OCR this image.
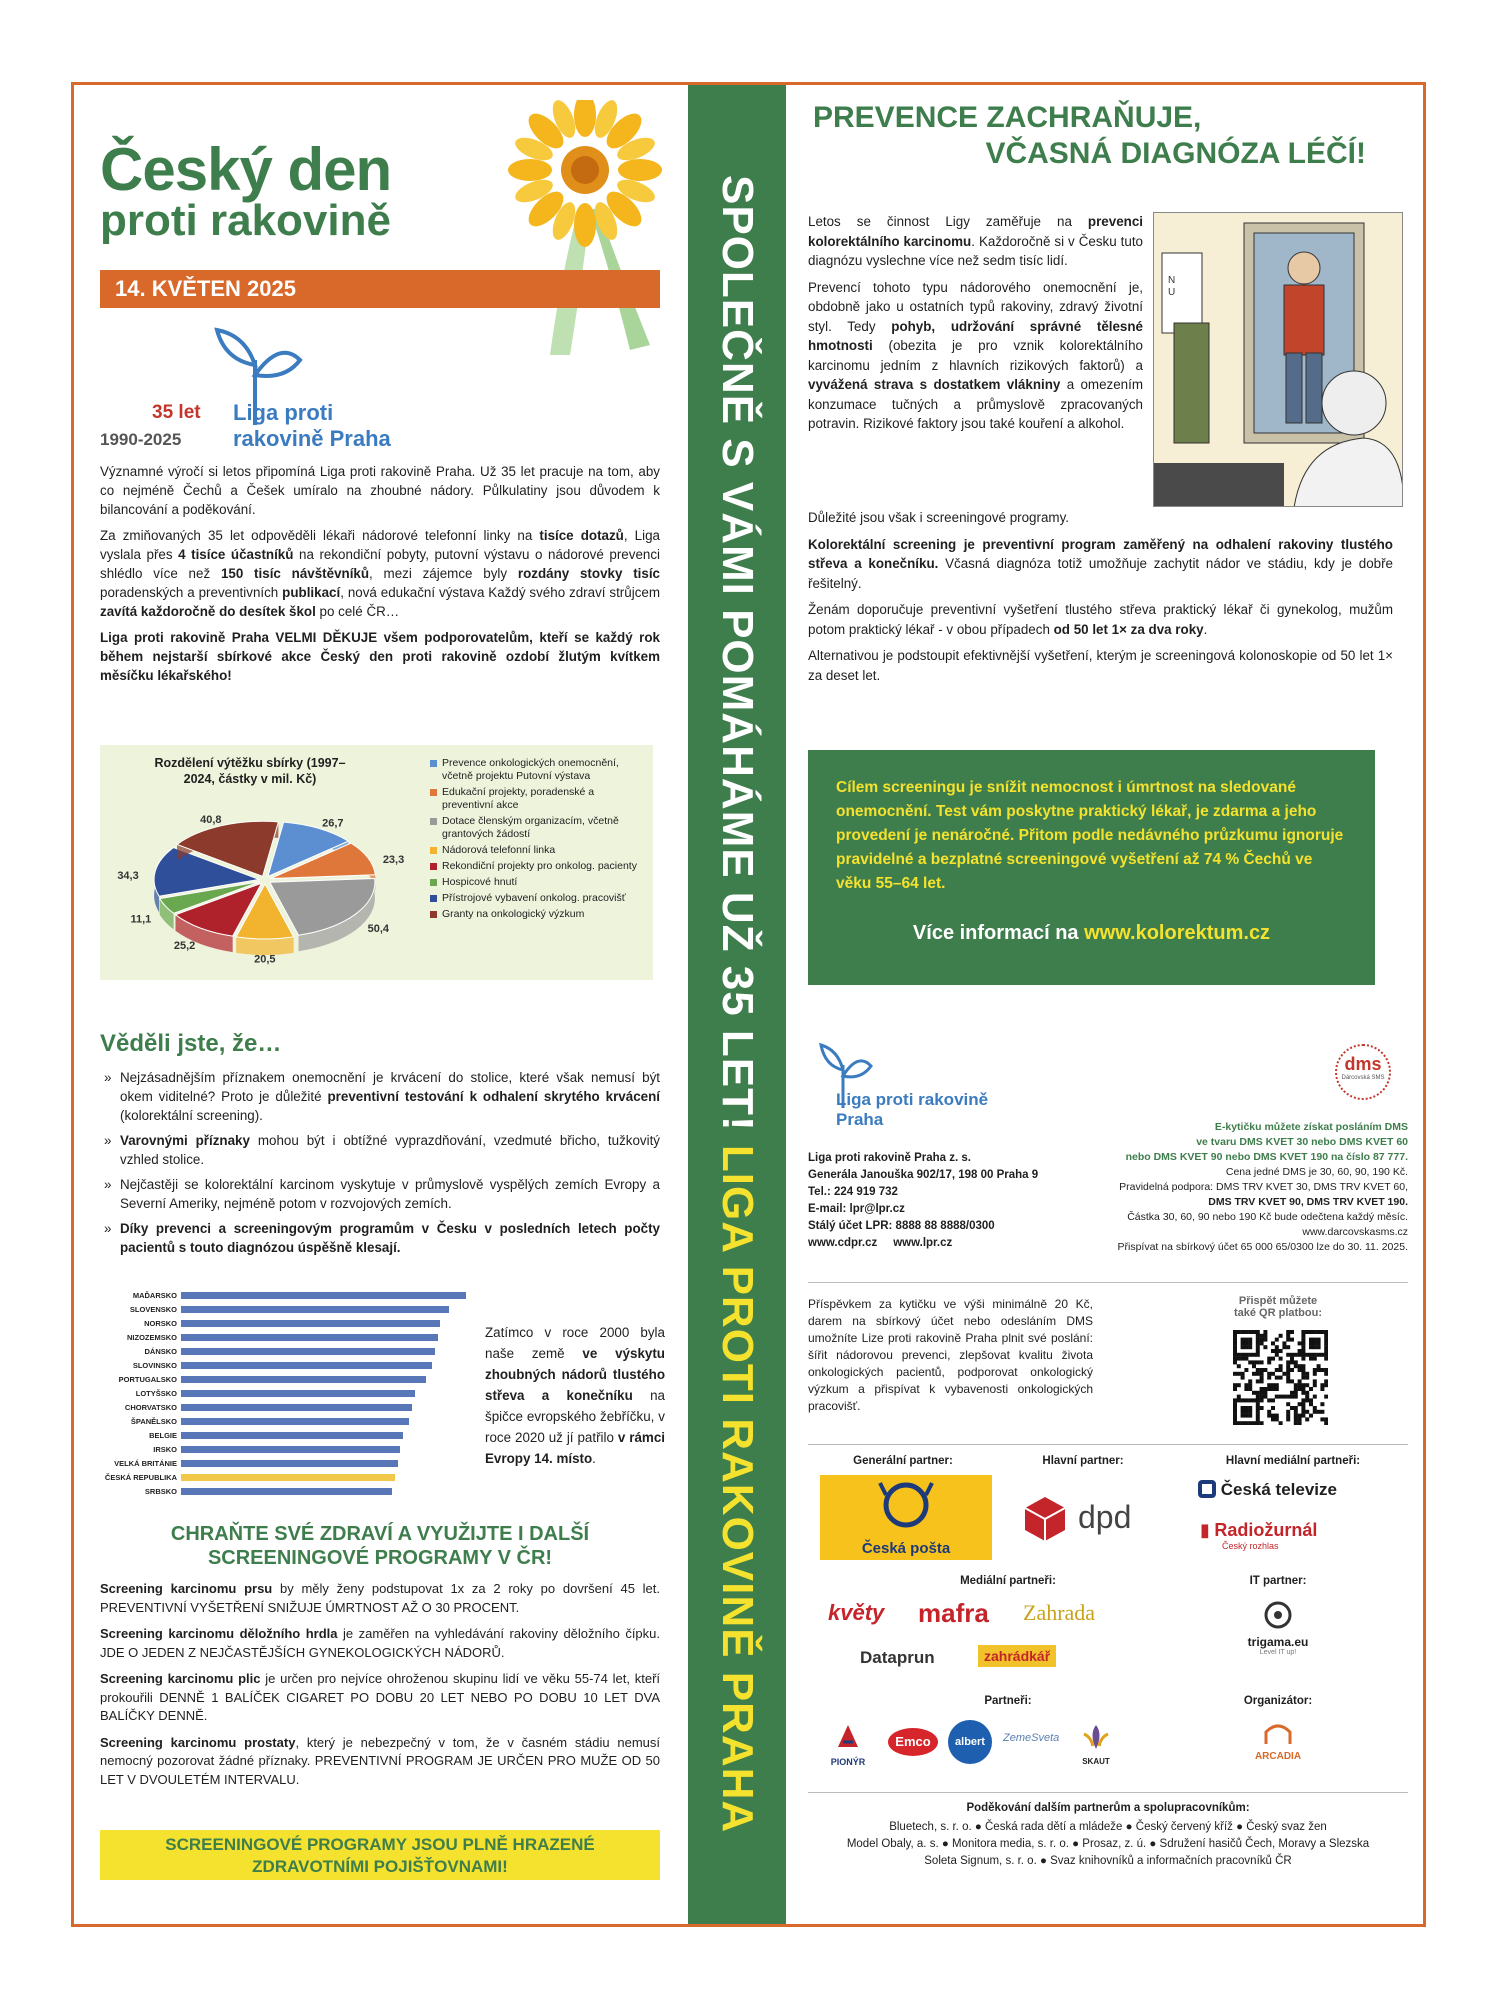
Český den
proti rakovině
14. KVĚTEN 2025
35 let
1990-2025
Liga proti
rakovině Praha

Významné výročí si letos připomíná Liga proti rakovině Praha. Už 35 let pracuje na tom, aby co nejméně Čechů a Češek umíralo na zhoubné nádory. Půlkulatiny jsou důvodem k bilancování a poděkování.

Za zmiňovaných 35 let odpověděli lékaři nádorové telefonní linky na tisíce dotazů, Liga vyslala přes 4 tisíce účastníků na rekondiční pobyty, putovní výstavu o nádorové prevenci shlédlo více než 150 tisíc návštěvníků, mezi zájemce byly rozdány stovky tisíc poradenských a preventivních publikací, nová edukační výstava Každý svého zdraví strůjcem zavítá každoročně do desítek škol po celé ČR…

Liga proti rakovině Praha VELMI DĚKUJE všem podporovatelům, kteří se každý rok během nejstarší sbírkové akce Český den proti rakovině ozdobí žlutým kvítkem měsíčku lékařského!

Rozdělení výtěžku sbírky (1997–2024, částky v mil. Kč)
26,7
23,3
50,4
20,5
25,2
11,1
34,3
40,8
Prevence onkologických onemocnění, včetně projektu Putovní výstava
Edukační projekty, poradenské a preventivní akce
Dotace členským organizacím, včetně grantových žádostí
Nádorová telefonní linka
Rekondiční projekty pro onkolog. pacienty
Hospicové hnutí
Přístrojové vybavení onkolog. pracovišť
Granty na onkologický výzkum
Věděli jste, že…
» Nejzásadnějším příznakem onemocnění je krvácení do stolice, které však nemusí být okem viditelné? Proto je důležité preventivní testování k odhalení skrytého krvácení (kolorektální screening).
» Varovnými příznaky mohou být i obtížné vyprazdňování, vzedmuté břicho, tužkovitý vzhled stolice.
» Nejčastěji se kolorektální karcinom vyskytuje v průmyslově vyspělých zemích Evropy a Severní Ameriky, nejméně potom v rozvojových zemích.
» Díky prevenci a screeningovým programům v Česku v posledních letech počty pacientů s touto diagnózou úspěšně klesají.
MAĎARSKO
SLOVENSKO
NORSKO
NIZOZEMSKO
DÁNSKO
SLOVINSKO
PORTUGALSKO
LOTYŠSKO
CHORVATSKO
ŠPANĚLSKO
BELGIE
IRSKO
VELKÁ BRITÁNIE
ČESKÁ REPUBLIKA
SRBSKO
Zatímco v roce 2000 byla naše země ve výskytu zhoubných nádorů tlustého střeva a konečníku na špičce evropského žebříčku, v roce 2020 už jí patřilo v rámci Evropy 14. místo.
CHRAŇTE SVÉ ZDRAVÍ A VYUŽIJTE I DALŠÍ
SCREENINGOVÉ PROGRAMY V ČR!

Screening karcinomu prsu by měly ženy podstupovat 1x za 2 roky po dovršení 45 let. PREVENTIVNÍ VYŠETŘENÍ SNIŽUJE ÚMRTNOST AŽ O 30 PROCENT.

Screening karcinomu děložního hrdla je zaměřen na vyhledávání rakoviny děložního čípku. JDE O JEDEN Z NEJČASTĚJŠÍCH GYNEKOLOGICKÝCH NÁDORŮ.

Screening karcinomu plic je určen pro nejvíce ohroženou skupinu lidí ve věku 55-74 let, kteří prokouřili DENNĚ 1 BALÍČEK CIGARET PO DOBU 20 LET NEBO PO DOBU 10 LET DVA BALÍČKY DENNĚ.

Screening karcinomu prostaty, který je nebezpečný v tom, že v časném stádiu nemusí nemocný pozorovat žádné příznaky. PREVENTIVNÍ PROGRAM JE URČEN PRO MUŽE OD 50 LET V DVOULETÉM INTERVALU.

SCREENINGOVÉ PROGRAMY JSOU PLNĚ HRAZENÉ
ZDRAVOTNÍMI POJIŠŤOVNAMI!
SPOLEČNĚ S VÁMI POMÁHÁME UŽ 35 LET! LIGA PROTI RAKOVINĚ PRAHA
PREVENCE ZACHRAŇUJE,
VČASNÁ DIAGNÓZA LÉČÍ!

Letos se činnost Ligy zaměřuje na prevenci kolorektálního karcinomu. Každoročně si v Česku tuto diagnózu vyslechne více než sedm tisíc lidí.

Prevencí tohoto typu nádorového onemocnění je, obdobně jako u ostatních typů rakoviny, zdravý životní styl. Tedy pohyb, udržování správné tělesné hmotnosti (obezita je pro vznik kolorektálního karcinomu jedním z hlavních rizikových faktorů) a vyvážená strava s dostatkem vlákniny a omezením konzumace tučných a průmyslově zpracovaných potravin. Rizikové faktory jsou také kouření a alkohol.

N
U

Důležité jsou však i screeningové programy.

Kolorektální screening je preventivní program zaměřený na odhalení rakoviny tlustého střeva a konečníku. Včasná diagnóza totiž umožňuje zachytit nádor ve stádiu, kdy je dobře řešitelný.

Ženám doporučuje preventivní vyšetření tlustého střeva praktický lékař či gynekolog, mužům potom praktický lékař - v obou případech od 50 let 1× za dva roky.

Alternativou je podstoupit efektivnější vyšetření, kterým je screeningová kolonoskopie od 50 let 1× za deset let.

Cílem screeningu je snížit nemocnost i úmrtnost na sledované onemocnění. Test vám poskytne praktický lékař, je zdarma a jeho provedení je nenáročné. Přitom podle nedávného průzkumu ignoruje pravidelné a bezplatné screeningové vyšetření až 74 % Čechů ve věku 55–64 let.
Více informací na www.kolorektum.cz
Liga proti rakovině
Praha
Liga proti rakovině Praha z. s.
Generála Janouška 902/17, 198 00 Praha 9
Tel.: 224 919 732
E-mail: lpr@lpr.cz
Stálý účet LPR: 8888 88 8888/0300
www.cdpr.cz www.lpr.cz
dms
Dárcovská SMS
E-kytičku můžete získat posláním DMS
ve tvaru DMS KVET 30 nebo DMS KVET 60
nebo DMS KVET 90 nebo DMS KVET 190 na číslo 87 777.
Cena jedné DMS je 30, 60, 90, 190 Kč.
Pravidelná podpora: DMS TRV KVET 30, DMS TRV KVET 60,
DMS TRV KVET 90, DMS TRV KVET 190.
Částka 30, 60, 90 nebo 190 Kč bude odečtena každý měsíc.
www.darcovskasms.cz
Přispívat na sbírkový účet 65 000 65/0300 lze do 30. 11. 2025.
Příspěvkem za kytičku ve výši minimálně 20 Kč, darem na sbírkový účet nebo odesláním DMS umožníte Lize proti rakovině Praha plnit své poslání: šířit nádorovou prevenci, zlepšovat kvalitu života onkologických pacientů, podporovat onkologický výzkum a přispívat k vybavenosti onkologických pracovišť.
Přispět můžete
také QR platbou:
Generální partner:	Hlavní partner:	Hlavní mediální partneři:
Česká pošta
dpd
Česká televize
▮ Radiožurnál
Český rozhlas
Mediální partneři:	IT partner:
květy mafra Zahrada
Dataprun	zahrádkář
trigama.eu
Level IT up!
Partneři:	Organizátor:
PIONÝR
Emco	albert	ZemeSveta
SKAUT	ARCADIA
Poděkování dalším partnerům a spolupracovníkům:
Bluetech, s. r. o. ● Česká rada dětí a mládeže ● Český červený kříž ● Český svaz žen
Model Obaly, a. s. ● Monitora media, s. r. o. ● Prosaz, z. ú. ● Sdružení hasičů Čech, Moravy a Slezska
Soleta Signum, s. r. o. ● Svaz knihovníků a informačních pracovníků ČR
